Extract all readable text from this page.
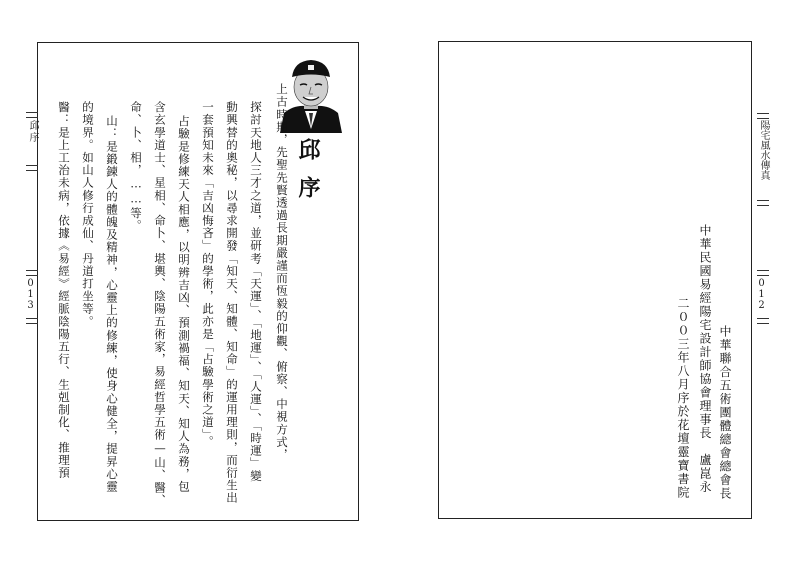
邱序
上古時期，先聖先賢透過長期嚴謹而恆毅的仰觀、俯察、中視方式，
探討天地人三才之道，並研考「天運」、「地運」、「人運」、「時運」變
動興替的奧秘，以尋求開發「知天、知體、知命」的運用理則，而衍生出
一套預知未來「吉凶悔吝」的學術，此亦是「占驗學術之道」。
占驗是修練天人相應，以明辨吉凶、預測禍福、知天、知人為務，包
含玄學道士、星相、命卜、堪輿、陰陽五術家，易經哲學五術—山、醫、
命、卜、相，……等。
山：是鍛鍊人的體魄及精神，心靈上的修練，使身心健全，提昇心靈
的境界。如山人修行成仙、丹道打坐等。
醫：是上工治未病，依據《易經》經脈陰陽五行、生剋制化、推理預
邱序
013
中華聯合五術團體總會總會長
中華民國易經陽宅設計師協會理事長　盧崑永
二００三年八月序於花壇靈寶書院
陽宅風水傳真
012
